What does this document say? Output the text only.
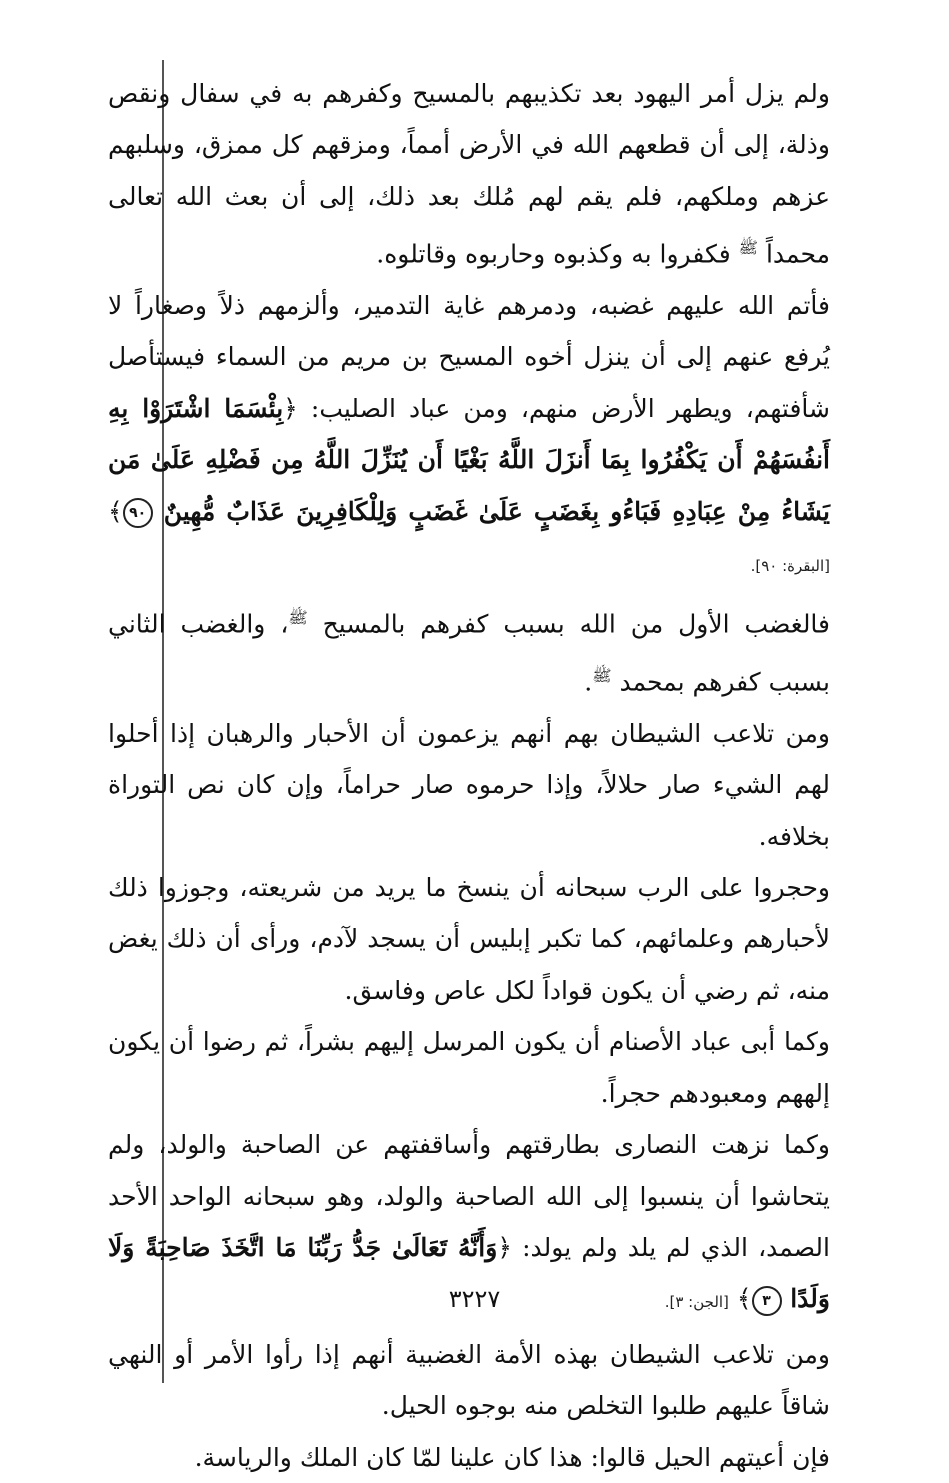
ولم يزل أمر اليهود بعد تكذيبهم بالمسيح وكفرهم به في سفال ونقص وذلة، إلى أن قطعهم الله في الأرض أمماً، ومزقهم كل ممزق، وسلبهم عزهم وملكهم، فلم يقم لهم مُلك بعد ذلك، إلى أن بعث الله تعالى محمداً $^ﷺ$ فكفروا به وكذبوه وحاربوه وقاتلوه.

فأتم الله عليهم غضبه، ودمرهم غاية التدمير، وألزمهم ذلاً وصغاراً لا يُرفع عنهم إلى أن ينزل أخوه المسيح بن مريم من السماء فيستأصل شأفتهم، ويطهر الأرض منهم، ومن عباد الصليب: ﴿بِئْسَمَا اشْتَرَوْا بِهِ أَنفُسَهُمْ أَن يَكْفُرُوا بِمَا أَنزَلَ اللَّهُ بَغْيًا أَن يُنَزِّلَ اللَّهُ مِن فَضْلِهِ عَلَىٰ مَن يَشَاءُ مِنْ عِبَادِهِ فَبَاءُو بِغَضَبٍ عَلَىٰ غَضَبٍ وَلِلْكَافِرِينَ عَذَابٌ مُّهِينٌ ٩٠﴾ [البقرة: ٩٠].

فالغضب الأول من الله بسبب كفرهم بالمسيح $^ﷺ$، والغضب الثاني بسبب كفرهم بمحمد $^ﷺ$.

ومن تلاعب الشيطان بهم أنهم يزعمون أن الأحبار والرهبان إذا أحلوا لهم الشيء صار حلالاً، وإذا حرموه صار حراماً، وإن كان نص التوراة بخلافه.

وحجروا على الرب سبحانه أن ينسخ ما يريد من شريعته، وجوزوا ذلك لأحبارهم وعلمائهم، كما تكبر إبليس أن يسجد لآدم، ورأى أن ذلك يغض منه، ثم رضي أن يكون قواداً لكل عاص وفاسق.

وكما أبى عباد الأصنام أن يكون المرسل إليهم بشراً، ثم رضوا أن يكون إلههم ومعبودهم حجراً.

وكما نزهت النصارى بطارقتهم وأساقفتهم عن الصاحبة والولد، ولم يتحاشوا أن ينسبوا إلى الله الصاحبة والولد، وهو سبحانه الواحد الأحد الصمد، الذي لم يلد ولم يولد: ﴿وَأَنَّهُ تَعَالَىٰ جَدُّ رَبِّنَا مَا اتَّخَذَ صَاحِبَةً وَلَا وَلَدًا ٣﴾ [الجن: ٣].

ومن تلاعب الشيطان بهذه الأمة الغضبية أنهم إذا رأوا الأمر أو النهي شاقاً عليهم طلبوا التخلص منه بوجوه الحيل.

فإن أعيتهم الحيل قالوا: هذا كان علينا لمّا كان الملك والرياسة.

٣٢٢٧
